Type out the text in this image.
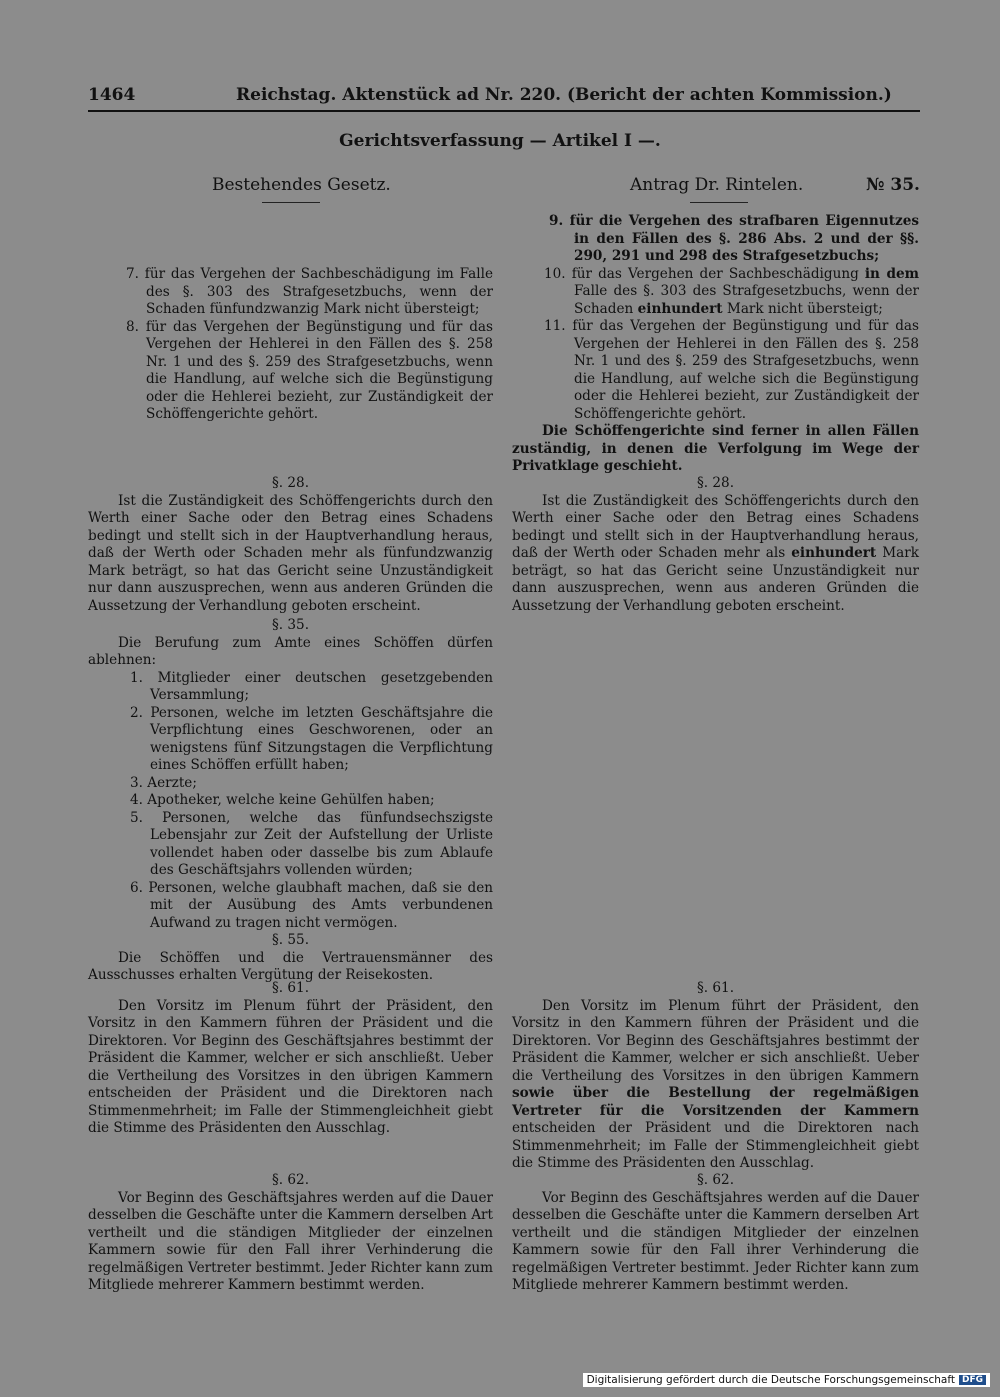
1464	Reichstag. Aktenstück ad Nr. 220. (Bericht der achten Kommission.)
Gerichtsverfassung — Artikel I —.
Bestehendes Gesetz.	Antrag Dr. Rintelen.	№ 35.

7. für das Vergehen der Sachbeschädigung im Falle des §. 303 des Strafgesetzbuchs, wenn der Schaden fünfundzwanzig Mark nicht übersteigt;

8. für das Vergehen der Begünstigung und für das Vergehen der Hehlerei in den Fällen des §. 258 Nr. 1 und des §. 259 des Strafgesetzbuchs, wenn die Handlung, auf welche sich die Begünstigung oder die Hehlerei bezieht, zur Zuständigkeit der Schöffengerichte gehört.

§. 28.

Ist die Zuständigkeit des Schöffengerichts durch den Werth einer Sache oder den Betrag eines Schadens bedingt und stellt sich in der Hauptverhandlung heraus, daß der Werth oder Schaden mehr als fünfundzwanzig Mark beträgt, so hat das Gericht seine Unzuständigkeit nur dann auszusprechen, wenn aus anderen Gründen die Aussetzung der Verhandlung geboten erscheint.

§. 35.

Die Berufung zum Amte eines Schöffen dürfen ablehnen:

1. Mitglieder einer deutschen gesetzgebenden Versammlung;

2. Personen, welche im letzten Geschäftsjahre die Verpflichtung eines Geschworenen, oder an wenigstens fünf Sitzungstagen die Verpflichtung eines Schöffen erfüllt haben;

3. Aerzte;

4. Apotheker, welche keine Gehülfen haben;

5. Personen, welche das fünfundsechszigste Lebensjahr zur Zeit der Aufstellung der Urliste vollendet haben oder dasselbe bis zum Ablaufe des Geschäftsjahrs vollenden würden;

6. Personen, welche glaubhaft machen, daß sie den mit der Ausübung des Amts verbundenen Aufwand zu tragen nicht vermögen.

§. 55.

Die Schöffen und die Vertrauensmänner des Ausschusses erhalten Vergütung der Reisekosten.

§. 61.

Den Vorsitz im Plenum führt der Präsident, den Vorsitz in den Kammern führen der Präsident und die Direktoren. Vor Beginn des Geschäftsjahres bestimmt der Präsident die Kammer, welcher er sich anschließt. Ueber die Vertheilung des Vorsitzes in den übrigen Kammern entscheiden der Präsident und die Direktoren nach Stimmenmehrheit; im Falle der Stimmengleichheit giebt die Stimme des Präsidenten den Ausschlag.

§. 62.

Vor Beginn des Geschäftsjahres werden auf die Dauer desselben die Geschäfte unter die Kammern derselben Art vertheilt und die ständigen Mitglieder der einzelnen Kammern sowie für den Fall ihrer Verhinderung die regelmäßigen Vertreter bestimmt. Jeder Richter kann zum Mitgliede mehrerer Kammern bestimmt werden.

9. für die Vergehen des strafbaren Eigennutzes in den Fällen des §. 286 Abs. 2 und der §§. 290, 291 und 298 des Strafgesetzbuchs;

10. für das Vergehen der Sachbeschädigung in dem Falle des §. 303 des Strafgesetzbuchs, wenn der Schaden einhundert Mark nicht übersteigt;

11. für das Vergehen der Begünstigung und für das Vergehen der Hehlerei in den Fällen des §. 258 Nr. 1 und des §. 259 des Strafgesetzbuchs, wenn die Handlung, auf welche sich die Begünstigung oder die Hehlerei bezieht, zur Zuständigkeit der Schöffengerichte gehört.

Die Schöffengerichte sind ferner in allen Fällen zuständig, in denen die Verfolgung im Wege der Privatklage geschieht.

§. 28.

Ist die Zuständigkeit des Schöffengerichts durch den Werth einer Sache oder den Betrag eines Schadens bedingt und stellt sich in der Hauptverhandlung heraus, daß der Werth oder Schaden mehr als einhundert Mark beträgt, so hat das Gericht seine Unzuständigkeit nur dann auszusprechen, wenn aus anderen Gründen die Aussetzung der Verhandlung geboten erscheint.

§. 61.

Den Vorsitz im Plenum führt der Präsident, den Vorsitz in den Kammern führen der Präsident und die Direktoren. Vor Beginn des Geschäftsjahres bestimmt der Präsident die Kammer, welcher er sich anschließt. Ueber die Vertheilung des Vorsitzes in den übrigen Kammern sowie über die Bestellung der regelmäßigen Vertreter für die Vorsitzenden der Kammern entscheiden der Präsident und die Direktoren nach Stimmenmehrheit; im Falle der Stimmengleichheit giebt die Stimme des Präsidenten den Ausschlag.

§. 62.

Vor Beginn des Geschäftsjahres werden auf die Dauer desselben die Geschäfte unter die Kammern derselben Art vertheilt und die ständigen Mitglieder der einzelnen Kammern sowie für den Fall ihrer Verhinderung die regelmäßigen Vertreter bestimmt. Jeder Richter kann zum Mitgliede mehrerer Kammern bestimmt werden.

Digitalisierung gefördert durch die Deutsche Forschungsgemeinschaft DFG
